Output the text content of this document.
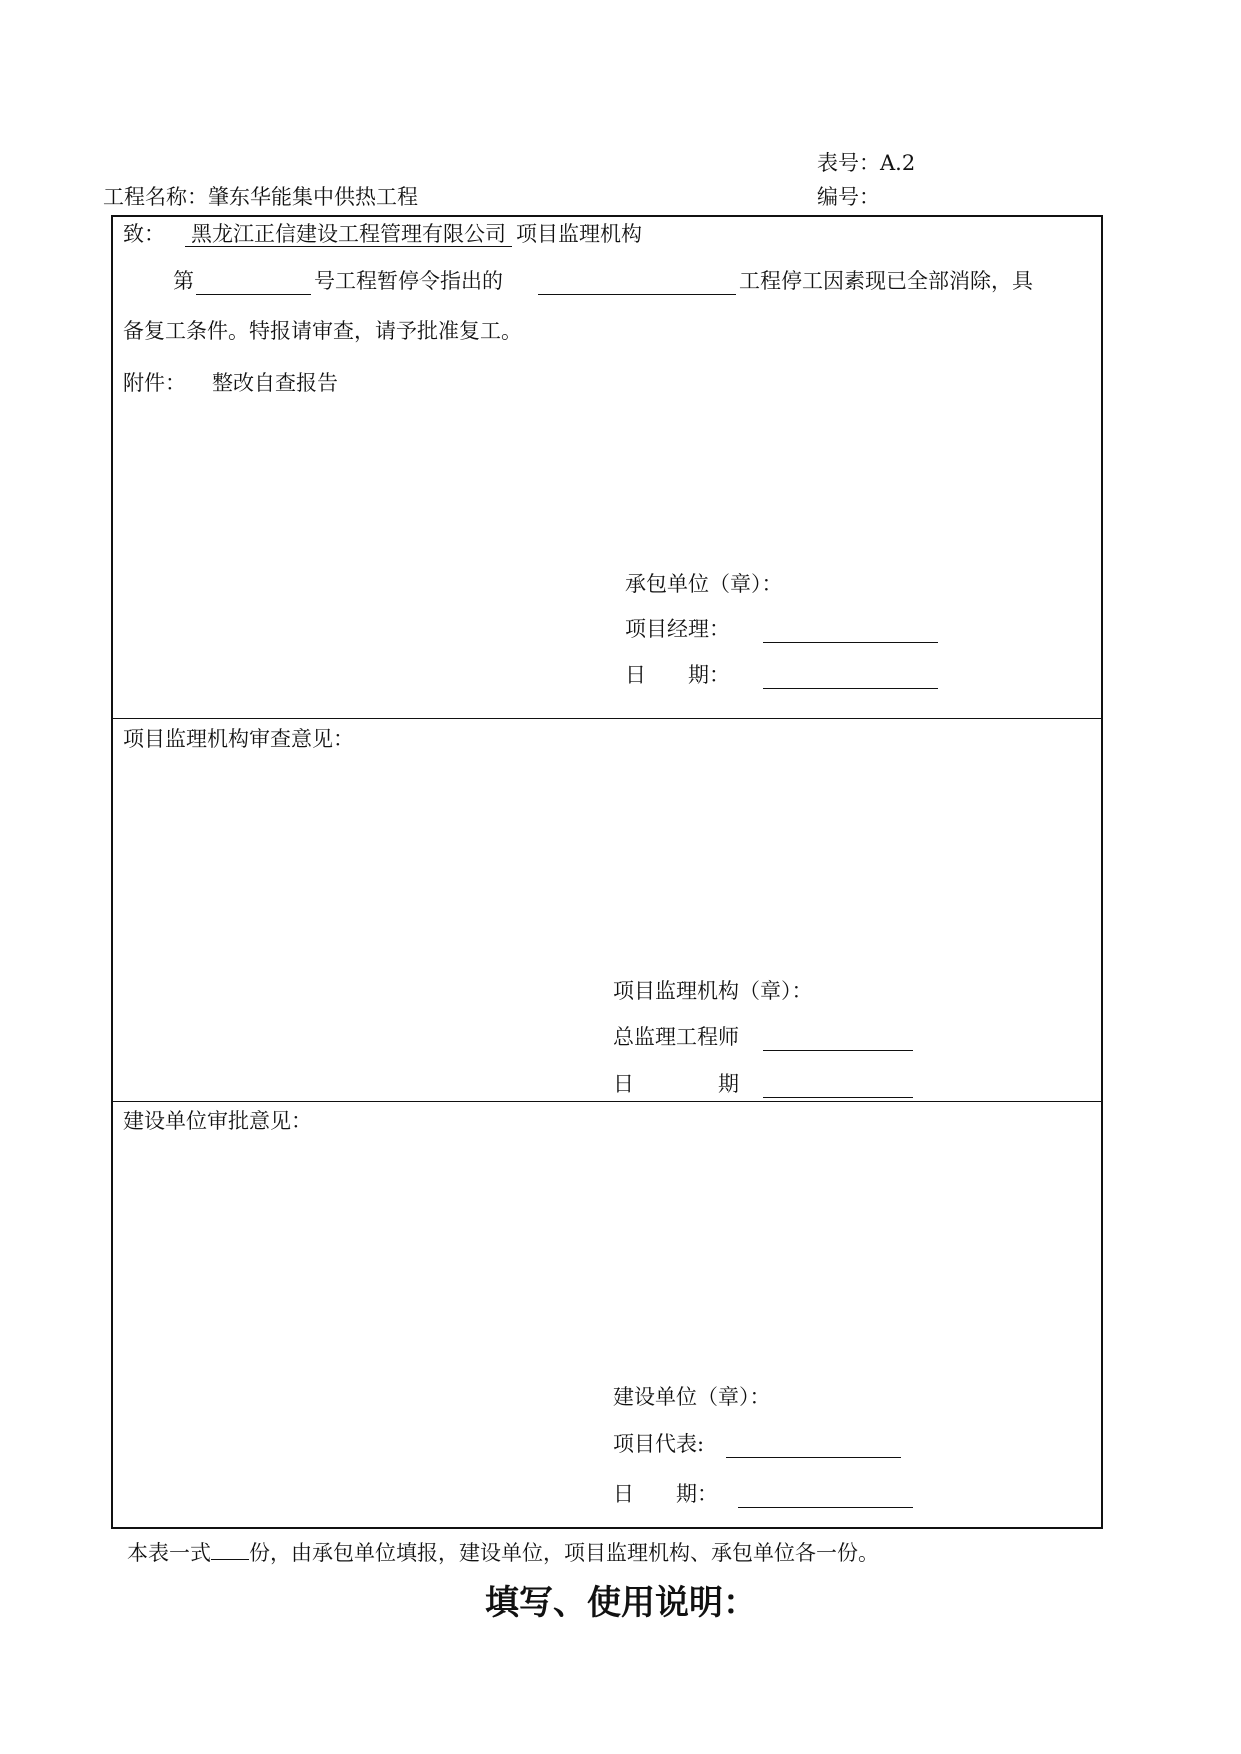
表号：A.2
编号：
工程名称：肇东华能集中供热工程
致： 黑龙江正信建设工程管理有限公司 项目监理机构
第	号工程暂停令指出的	工程停工因素现已全部消除，具
备复工条件。特报请审查，请予批准复工。
附件： 整改自查报告
承包单位（章）：
项目经理：
日　　期：
项目监理机构审查意见：
项目监理机构（章）：
总监理工程师
日　　　　期
建设单位审批意见：
建设单位（章）：
项目代表:
日　　期：
本表一式 份，由承包单位填报，建设单位，项目监理机构、承包单位各一份。
填写、使用说明：
